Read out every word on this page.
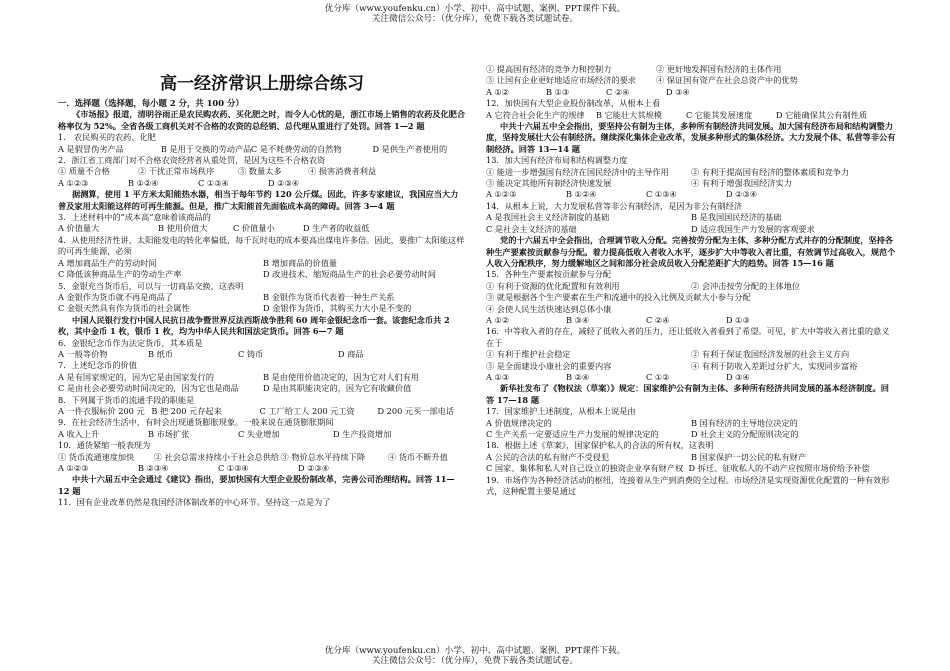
优分库（www.youfenku.cn）小学、初中、高中试题、案例、PPT课件下载。
关注微信公众号：（优分库），免费下载各类试题试卷。
高一经济常识上册综合练习
一．选择题（选择题，每小题 2 分，共 100 分）

《市场报》报道，清明谷雨正是农民购农药、买化肥之时，而令人心忧的是，浙江市场上销售的农药及化肥合格率仅为 52%。全省各级工商机关对不合格的农资的总经销、总代理从重进行了处罚。回答 1—2 题

1.　农民购买的农药、化肥

A 是假冒伪劣产品	B 是用于交换的劳动产品 C 是不耗费劳动的自然物	D 是供生产者使用的

2．浙江省工商部门对不合格农资经营者从重处罚，是因为这些不合格农资

① 质量不合格	② 干扰正常市场秩序	③ 数量太多	④ 损害消费者利益
A ①②③	B ①②④	C ①③④	D ②③④

据测算，使用 1 平方米太阳能热水器，相当于每年节约 120 公斤煤。因此，许多专家建议，我国应当大力普及家用太阳能这样的可再生能源。但是，推广太阳能首先面临成本高的障碍。回答 3—4 题

3．上述材料中的“成本高”意味着该商品的

A 价值量大	B 使用价值大	C 价值量小	D 生产者的收益低

4．从使用经济性讲，太阳能发电的转化率偏低，每千瓦时电的成本要高出煤电许多倍。因此，要推广太阳能这样的可再生能源，必须

A 增加商品生产的劳动时间	B 增加商品的价值量
C 降低该种商品生产的劳动生产率	D 改进技术，缩短商品生产的社会必要劳动时间

5．金银充当货币后，可以与一切商品交换，这表明

A 金银作为货币就不再是商品了	B 金银作为货币代表着一种生产关系
C 金银天然具有作为货币的社会属性	D 金银作为货币，其购买力大小是不变的

中国人民银行发行中国人民抗日战争暨世界反法西斯战争胜利 60 周年金银纪念币一套。该套纪念币共 2 枚，其中金币 1 枚，银币 1 枚，均为中华人民共和国法定货币。回答 6—7 题

6．金银纪念币作为法定货币，其本质是

A 一般等价物	B 纸币	C 铸币	D 商品

7．上述纪念币的价值

A 是有国家规定的，因为它是由国家发行的	B 是由使用价值决定的，因为它对人们有用
C 是由社会必要劳动时间决定的，因为它也是商品	D 是由其职能决定的，因为它有收藏价值

8．下列属于货币的流通手段的职能是

A 一件衣服标价 200 元 B 把 200 元存起来	C 工厂给工人 200 元工资	D 200 元买一部电话

9．在社会经济生活中，有时会出现通货膨胀现象。一般来说在通货膨胀期间

A 收入上升	B 市场扩张	C 失业增加	D 生产投资增加

10．通货紧缩一般表现为

① 货币流通速度加快	② 社会总需求持续小于社会总供给 ③ 物价总水平持续下降	④ 货币不断升值
A ①②③	B ②③④	C ①③④	D ②③④

中共十六届五中全会通过《建议》指出，要加快国有大型企业股份制改革，完善公司治理结构。回答 11—12 题

11．国有企业改革仍然是我国经济体制改革的中心环节。坚持这一点是为了

① 提高国有经济的竞争力和控制力	② 更好地发挥国有经济的主体作用
③ 让国有企业更好地适应市场经济的要求	④ 保证国有资产在社会总资产中的优势
A ①②	B ①③	C ②④	D ③④

12．加快国有大型企业股份制改革，从根本上看

A 它符合社会化生产的规律	B 它能壮大其规模	C 它能其发展速度	D 它能确保其公有制性质

中共十六届五中全会指出，要坚持公有制为主体，多种所有制经济共同发展。加大国有经济布局和结构调整力度，坚持发展壮大公有制经济。继续深化集体企业改革，发展多种形式的集体经济。大力发展个体、私营等非公有制经济。回答 13—14 题

13．加大国有经济布局和结构调整力度

① 能进一步增强国有经济在国民经济中的主导作用	② 有利于提高国有经济的整体素质和竞争力
③ 能决定其他所有制经济快速发展	④ 有利于增强我国经济实力
A ①②③	B ①②④	C ①③④	D ②③④

14．从根本上说，大力发展私营等非公有制经济，是因为非公有制经济

A 是我国社会主义经济制度的基础	B 是我国国民经济的基础
C 是社会主义经济的基础	D 适应我国生产力发展的客观要求

党的十六届五中全会指出，合理调节收入分配。完善按劳分配为主体、多种分配方式并存的分配制度，坚持各种生产要素按贡献参与分配。着力提高低收入者收入水平，逐步扩大中等收入者比重，有效调节过高收入，规范个人收入分配秩序，努力缓解地区之间和部分社会成员收入分配差距扩大的趋势。回答 15—16 题

15．各种生产要素按贡献参与分配

① 有利于资源的优化配置和有效利用	② 会冲击按劳分配的主体地位

③ 就是根据各个生产要素在生产和流通中的投入比例及贡献大小参与分配

④ 会使人民生活快速达到总体小康

A ①②	B ③④	C ②④	D ①③

16．中等收入者的存在，减轻了低收入者的压力，还让低收入者看到了希望。可见，扩大中等收入者比重的意义在于

① 有利于维护社会稳定	② 有利于保证我国经济发展的社会主义方向
③ 是全面建设小康社会的重要内容	④ 有利于防收入差距过分扩大，实现同步富裕
A ①③	B ②④	C ①②	D ③④

新华社发布了《物权法（草案）》规定：国家维护公有制为主体、多种所有经济共同发展的基本经济制度。回答 17—18 题

17．国家维护上述制度，从根本上说是由

A 价值规律决定的	B 国有经济的主导地位决定的
C 生产关系一定要适应生产力发展的规律决定的	D 社会主义的分配原则决定的

18．根据上述《草案》，国家保护私人的合法的所有权，这表明

A 公民的合法的私有财产不受侵犯	B 国家保护一切公民的私有财产
C 国家、集体和私人对自己设立的独资企业享有财产权 D 拆迁、征收私人的不动产应按照市场价给予补偿

19．市场作为各种经济活动的枢纽，连接着从生产到消费的全过程。市场经济是实现资源优化配置的一种有效形式，这种配置主要是通过

优分库（www.youfenku.cn）小学、初中、高中试题、案例、PPT课件下载。
关注微信公众号：（优分库），免费下载各类试题试卷。
